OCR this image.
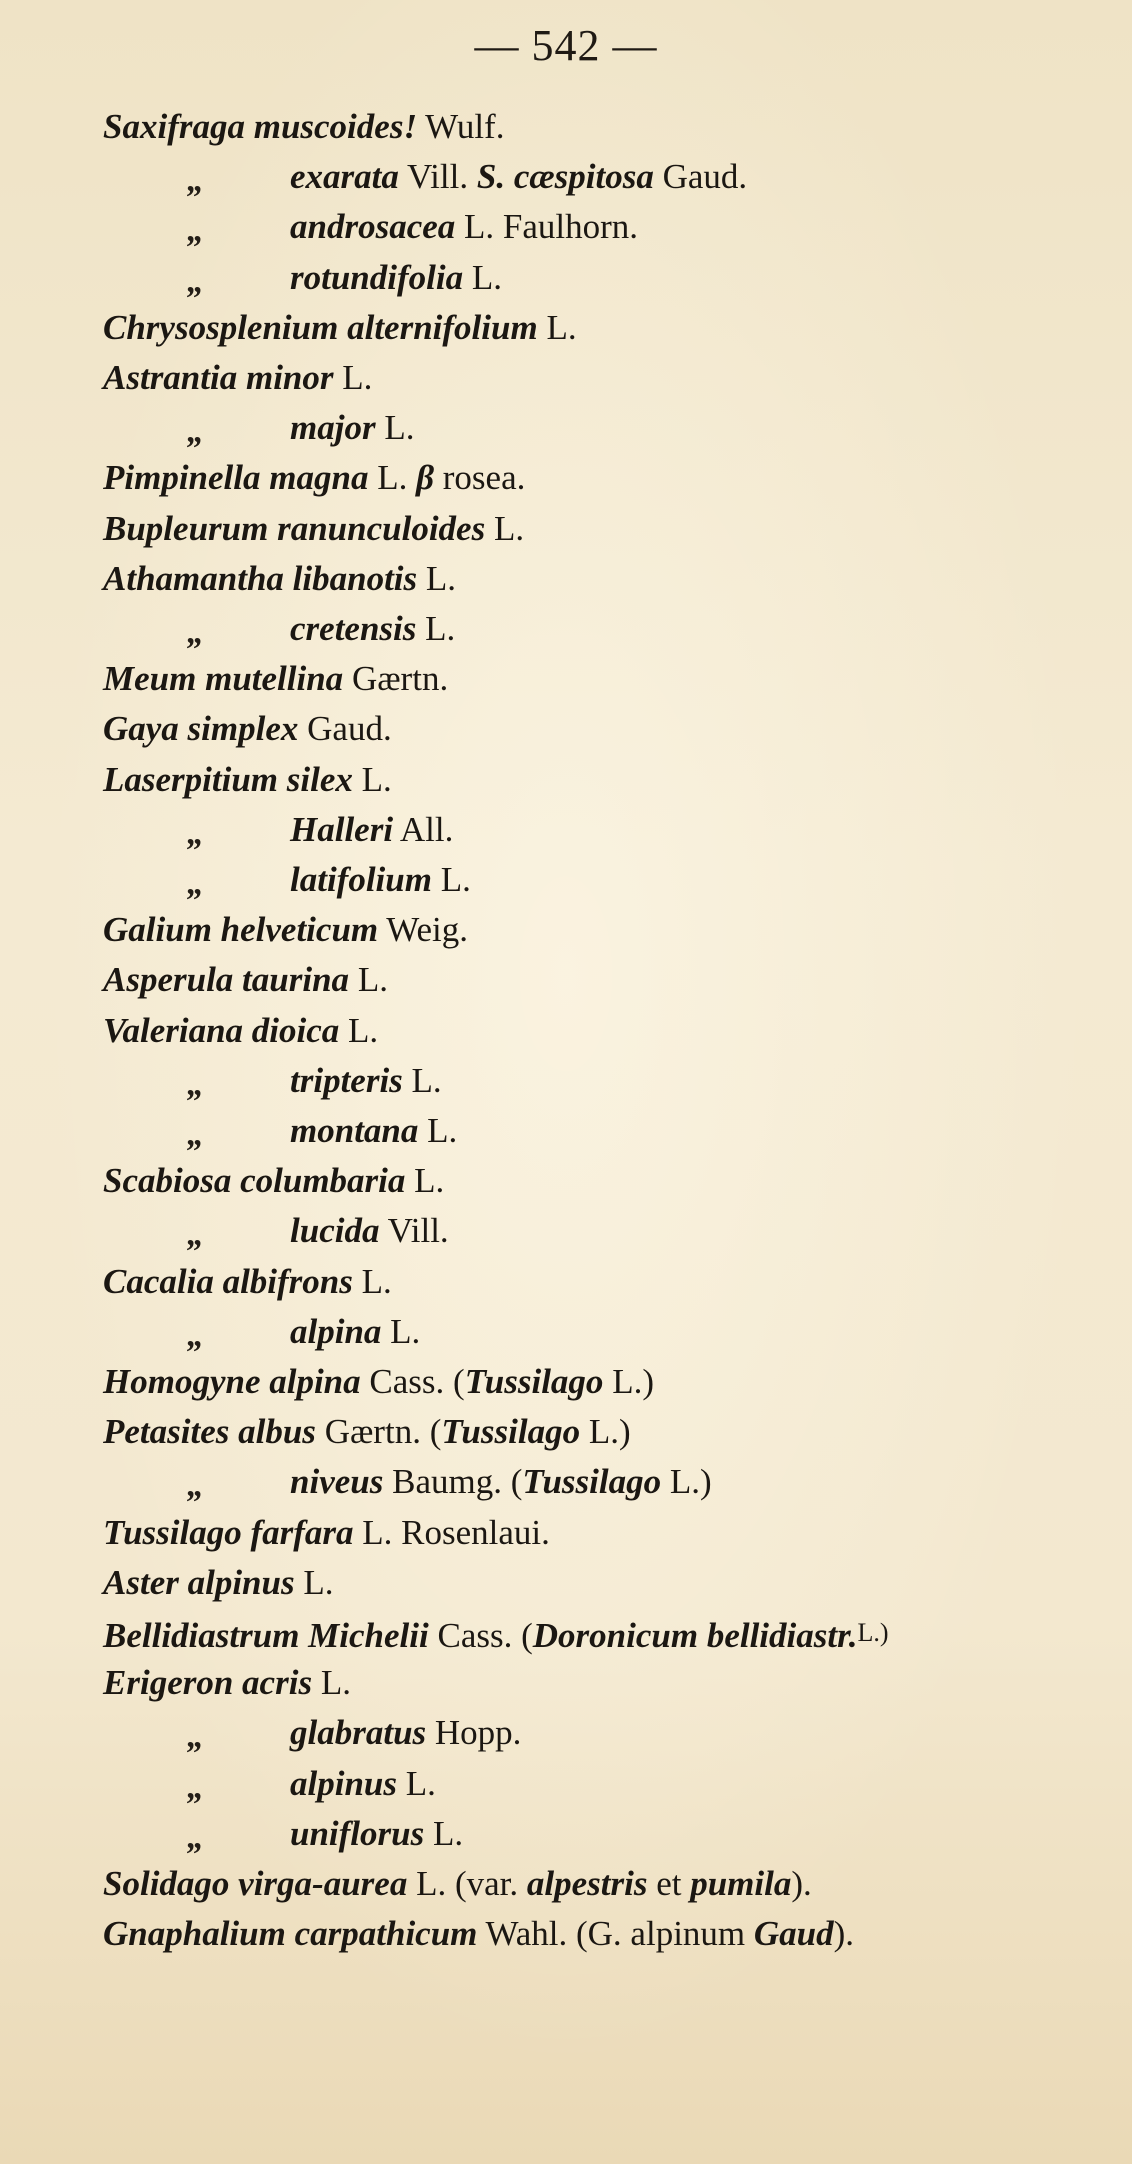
— 542 —
Saxifraga muscoides! Wulf.
„ exarata Vill. S. cæspitosa Gaud.
„ androsacea L. Faulhorn.
„ rotundifolia L.
Chrysosplenium alternifolium L.
Astrantia minor L.
„ major L.
Pimpinella magna L. β rosea.
Bupleurum ranunculoides L.
Athamantha libanotis L.
„ cretensis L.
Meum mutellina Gærtn.
Gaya simplex Gaud.
Laserpitium silex L.
„ Halleri All.
„ latifolium L.
Galium helveticum Weig.
Asperula taurina L.
Valeriana dioica L.
„ tripteris L.
„ montana L.
Scabiosa columbaria L.
„ lucida Vill.
Cacalia albifrons L.
„ alpina L.
Homogyne alpina Cass. (Tussilago L.)
Petasites albus Gærtn. (Tussilago L.)
„ niveus Baumg. (Tussilago L.)
Tussilago farfara L. Rosenlaui.
Aster alpinus L.
Bellidiastrum Michelii Cass. (Doronicum bellidiastr.L.)
Erigeron acris L.
„ glabratus Hopp.
„ alpinus L.
„ uniflorus L.
Solidago virga-aurea L. (var. alpestris et pumila).
Gnaphalium carpathicum Wahl. (G. alpinum Gaud).
